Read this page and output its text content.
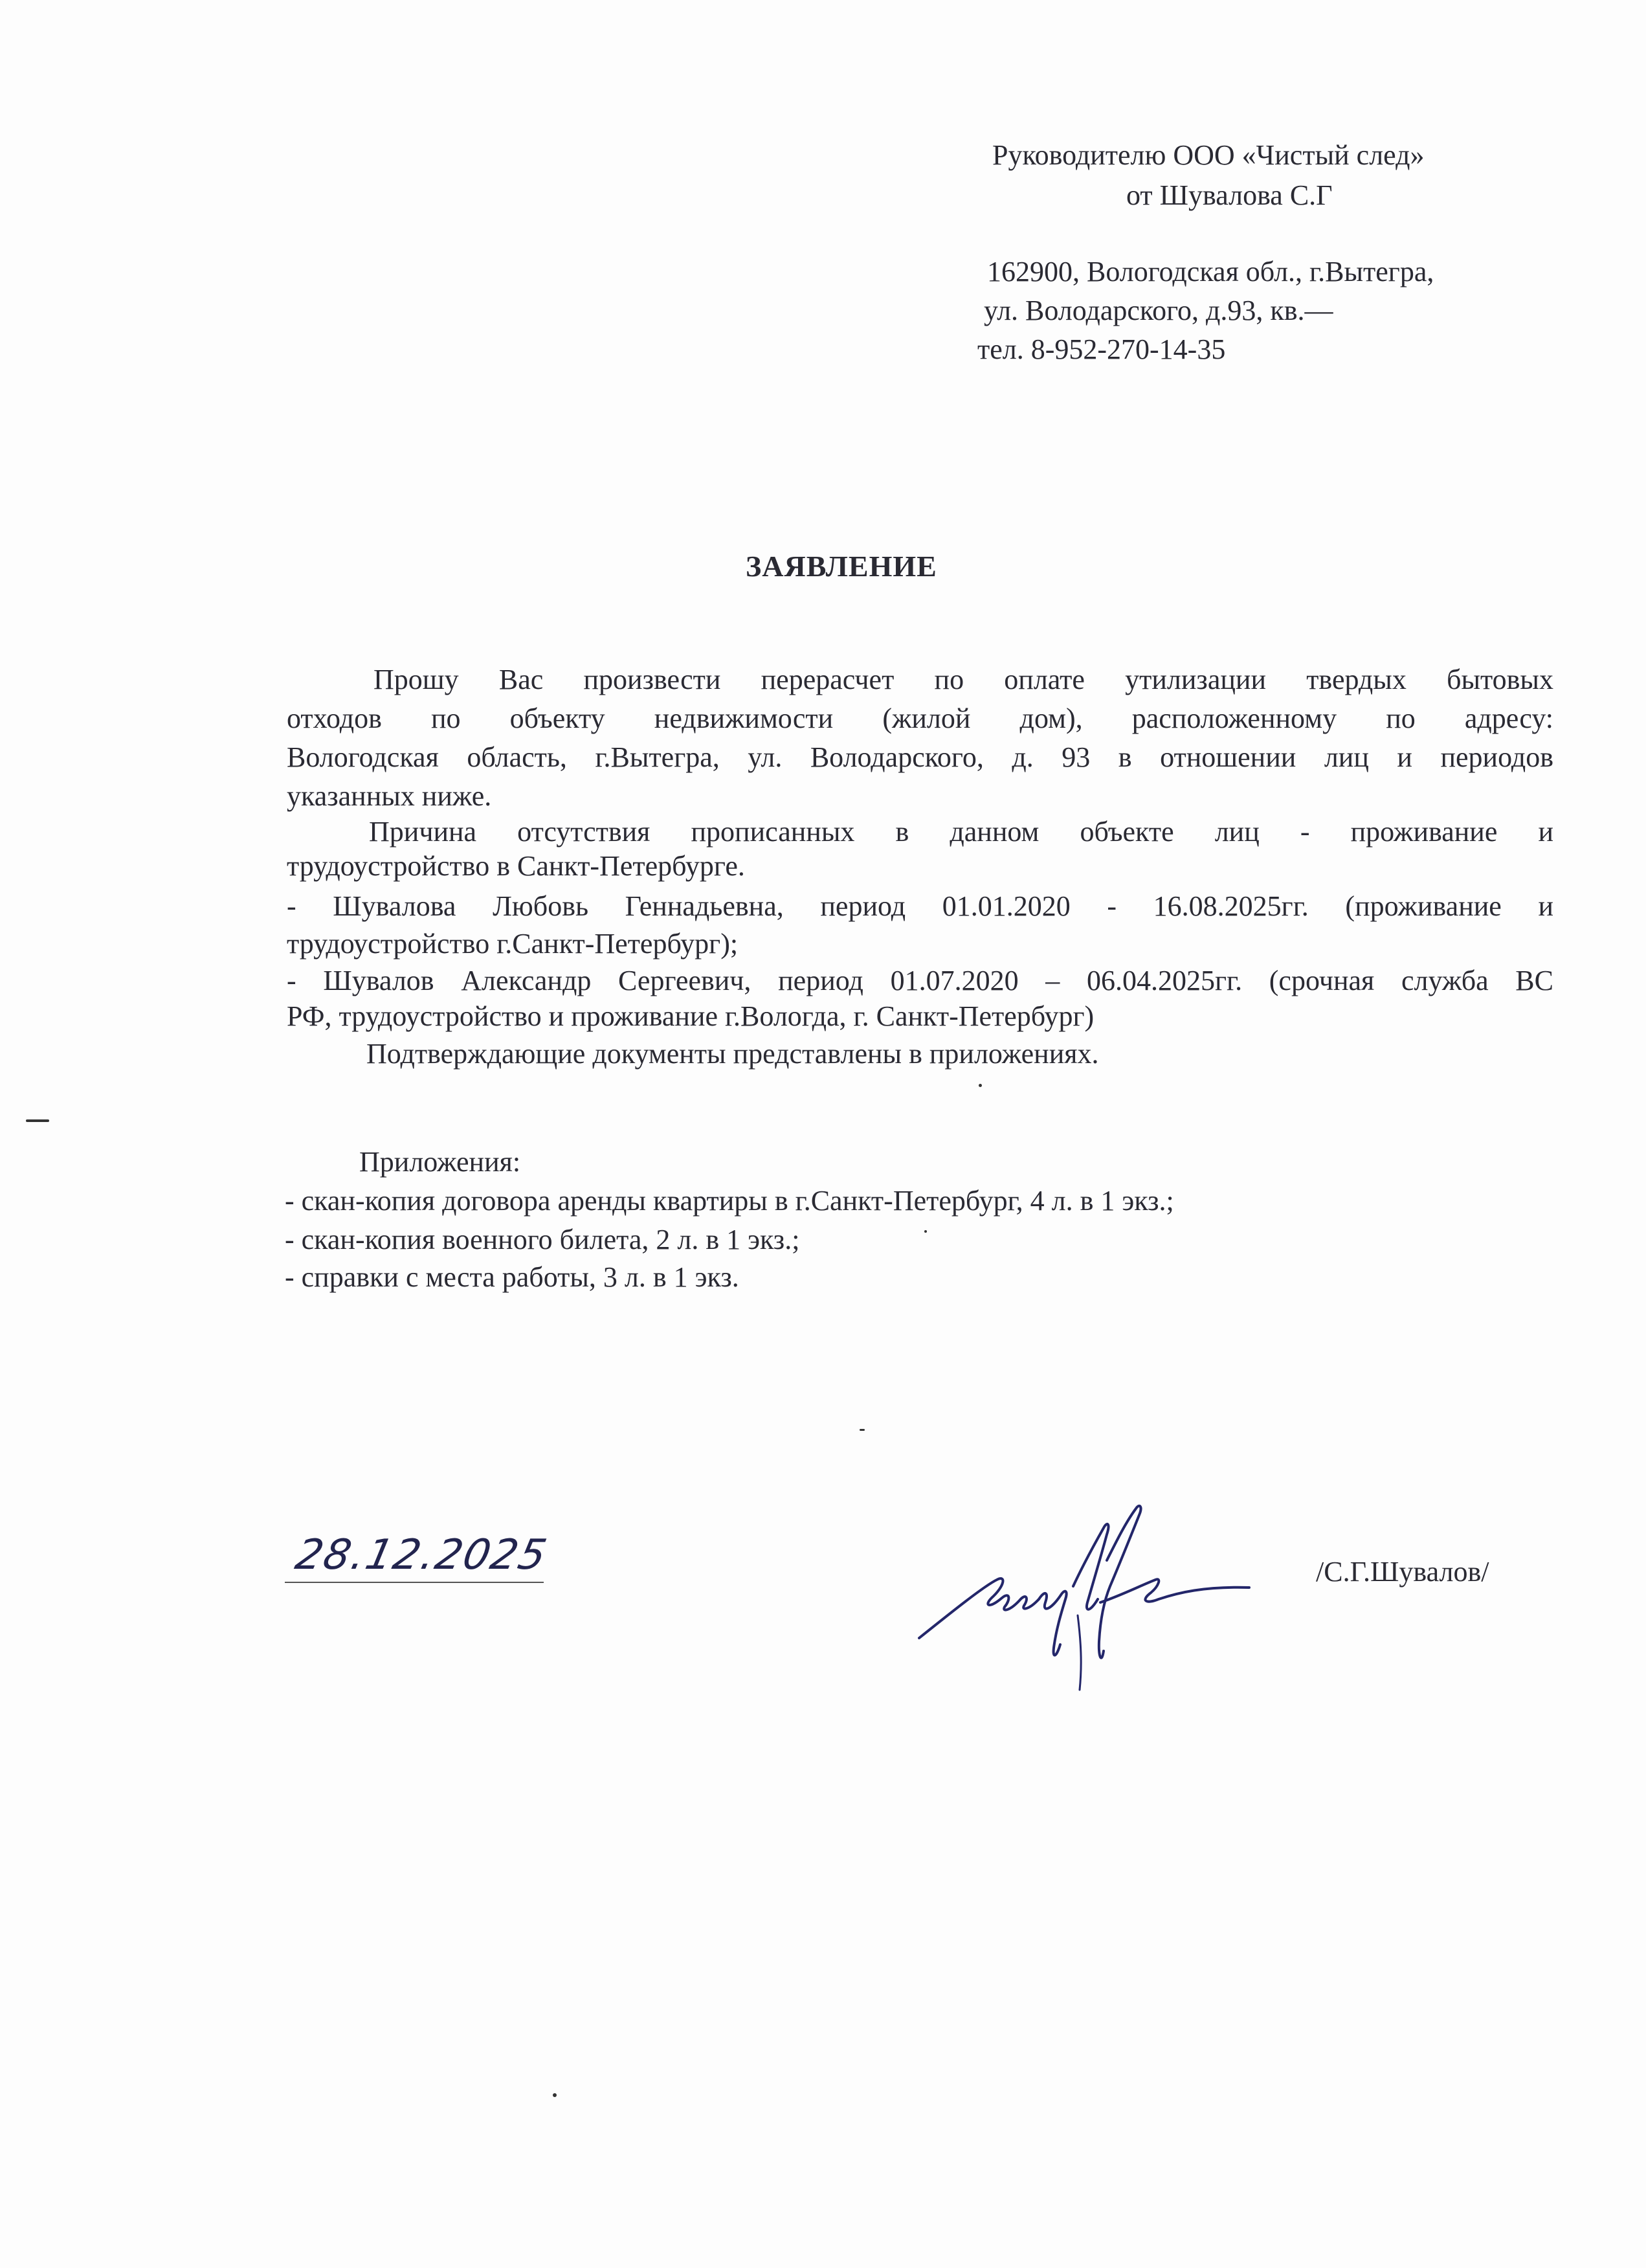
Руководителю ООО «Чистый след»
от Шувалова С.Г
162900, Вологодская обл., г.Вытегра,
ул. Володарского, д.93, кв.—
тел. 8-952-270-14-35
ЗАЯВЛЕНИЕ
Прошу Вас произвести перерасчет по оплате утилизации твердых бытовых
отходов по объекту недвижимости (жилой дом), расположенному по адресу:
Вологодская область, г.Вытегра, ул. Володарского, д. 93 в отношении лиц и периодов
указанных ниже.
Причина отсутствия прописанных в данном объекте лиц - проживание и
трудоустройство в Санкт-Петербурге.
- Шувалова Любовь Геннадьевна, период 01.01.2020 - 16.08.2025гг. (проживание и
трудоустройство г.Санкт-Петербург);
- Шувалов Александр Сергеевич, период 01.07.2020 – 06.04.2025гг. (срочная служба ВС
РФ, трудоустройство и проживание г.Вологда, г. Санкт-Петербург)
Подтверждающие документы представлены в приложениях.
Приложения:
- скан-копия договора аренды квартиры в г.Санкт-Петербург, 4 л. в 1 экз.;
- скан-копия военного билета, 2 л. в 1 экз.;
- справки с места работы, 3 л. в 1 экз.
28.12.2025	/С.Г.Шувалов/
